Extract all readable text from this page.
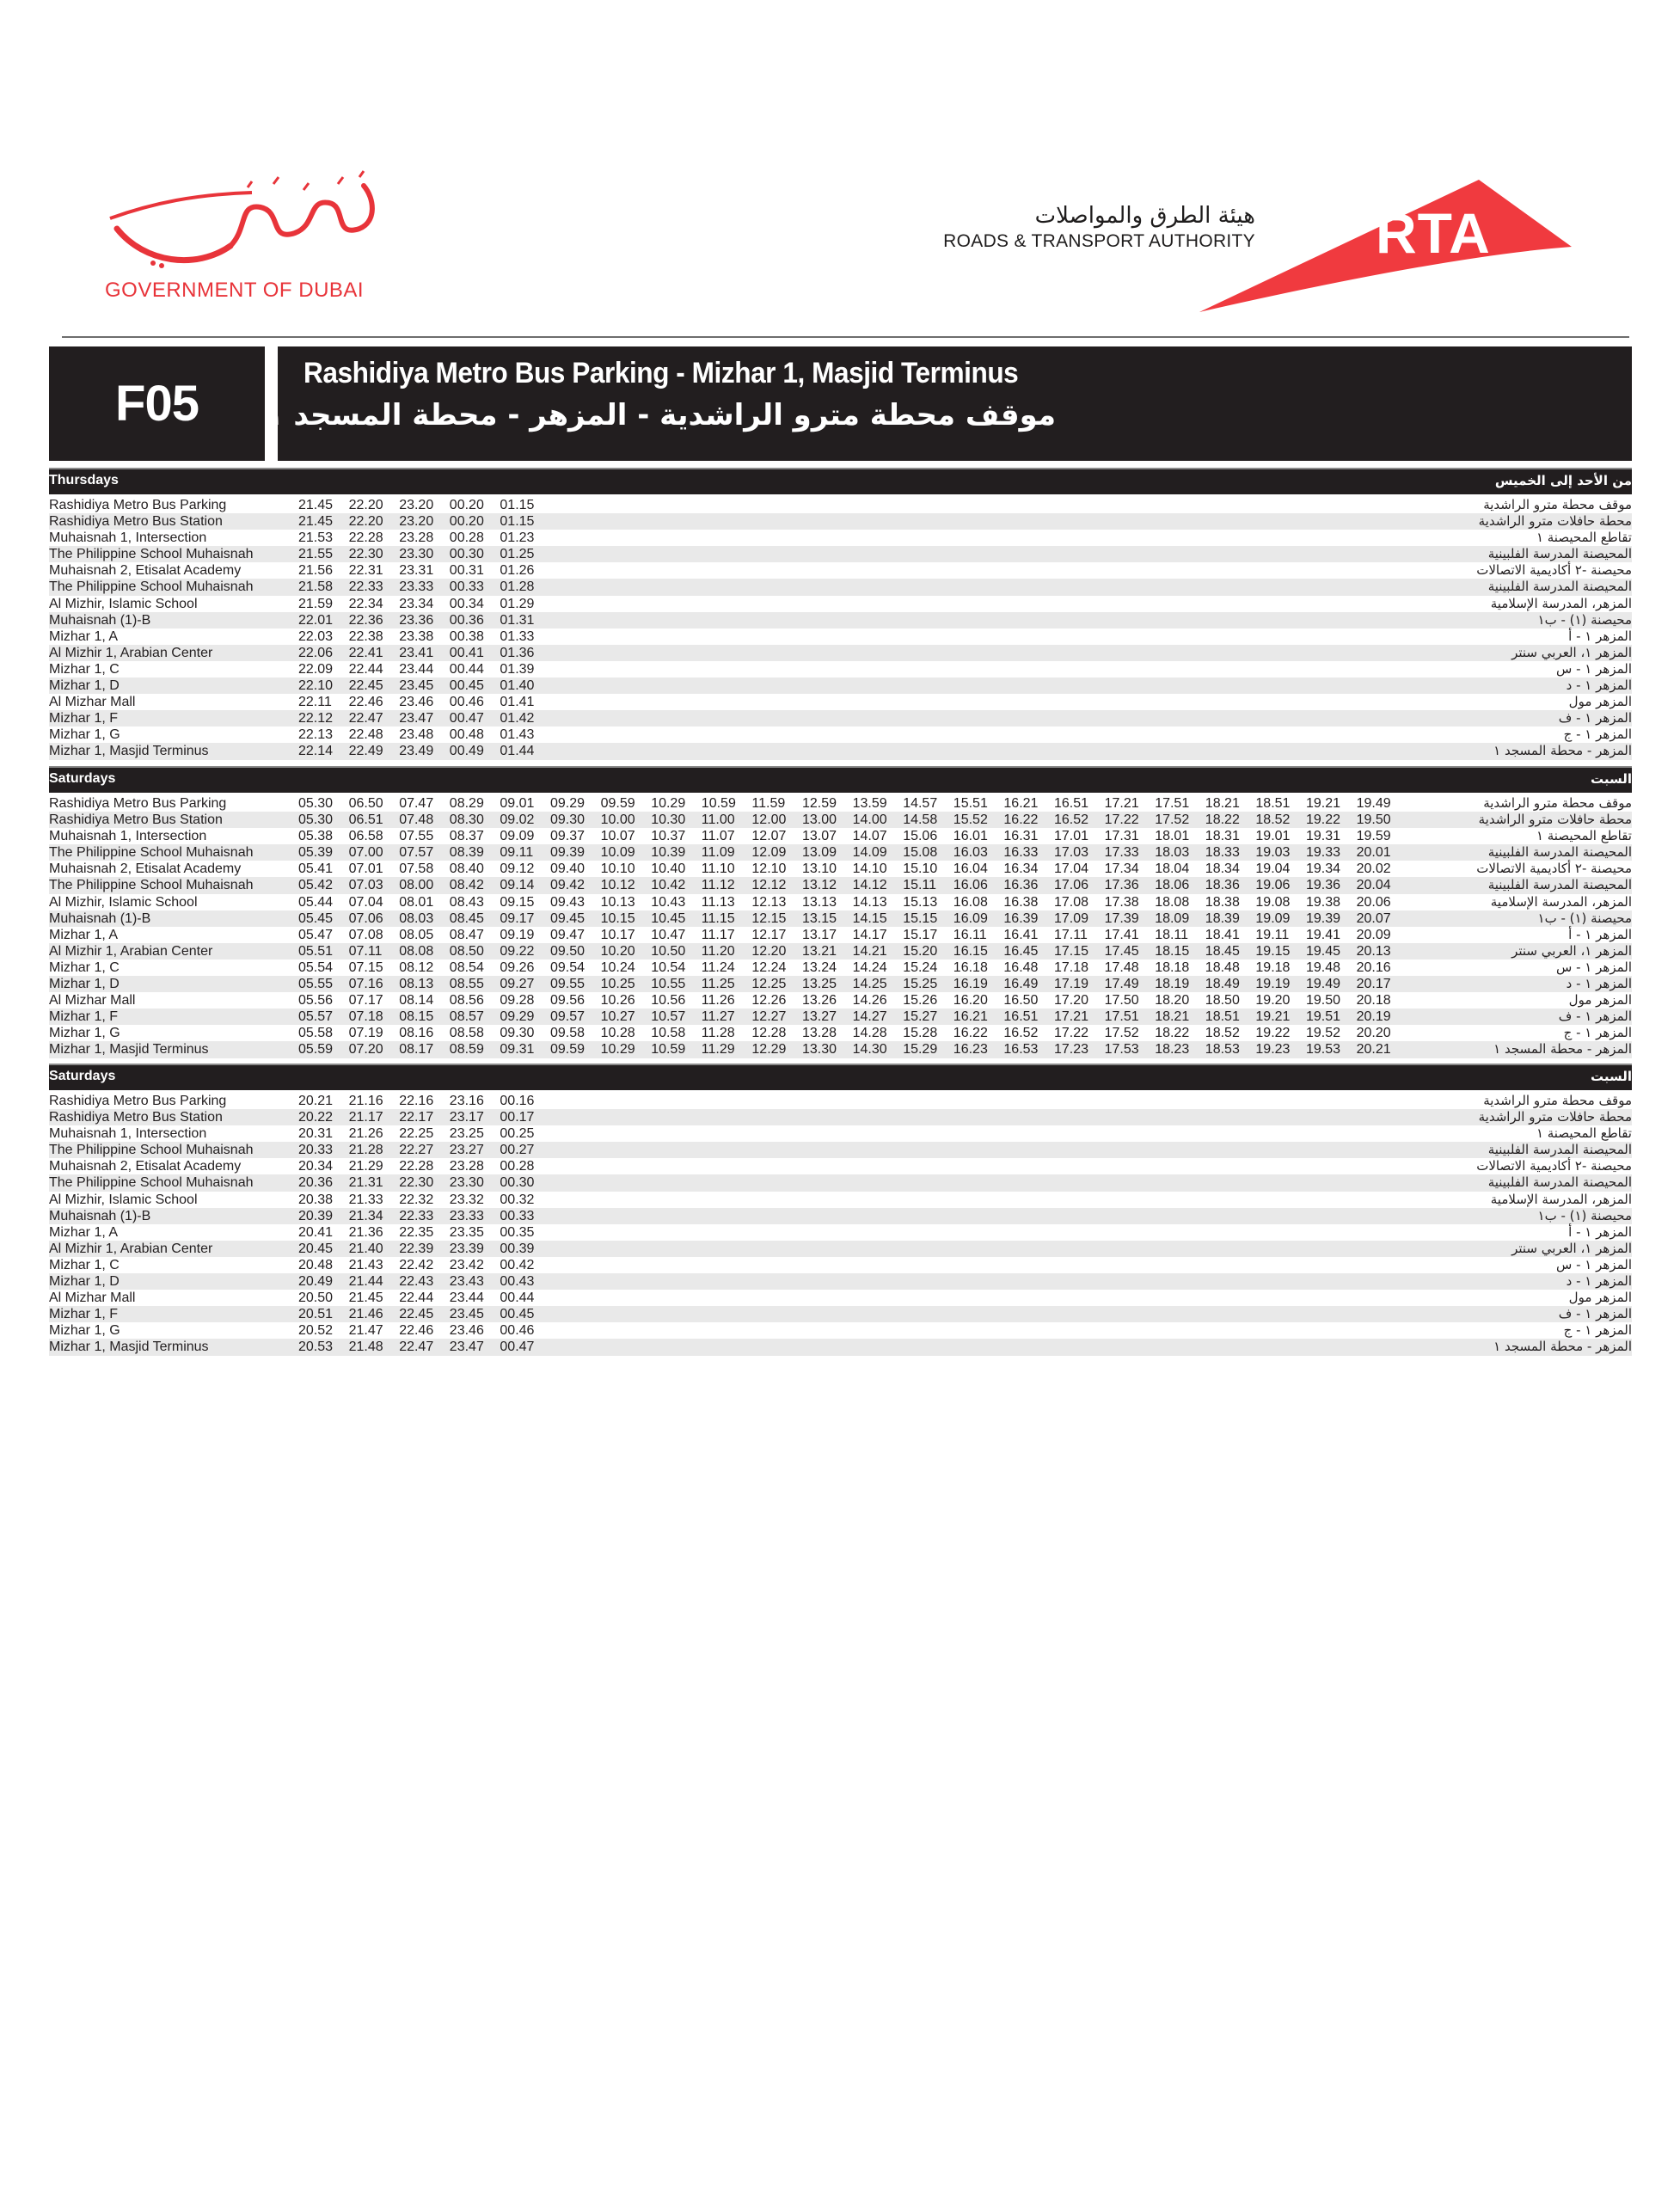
GOVERNMENT OF DUBAI
هيئة الطرق والمواصلات
ROADS & TRANSPORT AUTHORITY RTA
F05
Rashidiya Metro Bus Parking - Mizhar 1, Masjid Terminus
موقف محطة مترو الراشدية - المزهر - محطة المسجد ١
Thursdays	من الأحد إلى الخميس
Rashidiya Metro Bus Parking	21.45 22.20 23.20 00.20 01.15	موقف محطة مترو الراشدية
Rashidiya Metro Bus Station	21.45 22.20 23.20 00.20 01.15	محطة حافلات مترو الراشدية
Muhaisnah 1, Intersection	21.53 22.28 23.28 00.28 01.23	تقاطع المحيصنة ١
The Philippine School Muhaisnah	21.55 22.30 23.30 00.30 01.25	المحيصنة المدرسة الفلبينية
Muhaisnah 2, Etisalat Academy	21.56 22.31 23.31 00.31 01.26	محيصنة -٢ أكاديمية الاتصالات
The Philippine School Muhaisnah	21.58 22.33 23.33 00.33 01.28	المحيصنة المدرسة الفلبينية
Al Mizhir, Islamic School	21.59 22.34 23.34 00.34 01.29	المزهر، المدرسة الإسلامية
Muhaisnah (1)-B	22.01 22.36 23.36 00.36 01.31	محيصنة (١) - ب١
Mizhar 1, A	22.03 22.38 23.38 00.38 01.33	المزهر ١ - أ
Al Mizhir 1, Arabian Center	22.06 22.41 23.41 00.41 01.36	المزهر ١، العربي سنتر
Mizhar 1, C	22.09 22.44 23.44 00.44 01.39	المزهر ١ - س
Mizhar 1, D	22.10 22.45 23.45 00.45 01.40	المزهر ١ - د
Al Mizhar Mall	22.11 22.46 23.46 00.46 01.41	المزهر مول
Mizhar 1, F	22.12 22.47 23.47 00.47 01.42	المزهر ١ - ف
Mizhar 1, G	22.13 22.48 23.48 00.48 01.43	المزهر ١ - ج
Mizhar 1, Masjid Terminus	22.14 22.49 23.49 00.49 01.44	المزهر - محطة المسجد ١
Saturdays	السبت
Rashidiya Metro Bus Parking	05.30 06.50 07.47 08.29 09.01 09.29 09.59 10.29 10.59 11.59 12.59 13.59 14.57 15.51 16.21 16.51 17.21 17.51 18.21 18.51 19.21 19.49	موقف محطة مترو الراشدية
Rashidiya Metro Bus Station	05.30 06.51 07.48 08.30 09.02 09.30 10.00 10.30 11.00 12.00 13.00 14.00 14.58 15.52 16.22 16.52 17.22 17.52 18.22 18.52 19.22 19.50	محطة حافلات مترو الراشدية
Muhaisnah 1, Intersection	05.38 06.58 07.55 08.37 09.09 09.37 10.07 10.37 11.07 12.07 13.07 14.07 15.06 16.01 16.31 17.01 17.31 18.01 18.31 19.01 19.31 19.59	تقاطع المحيصنة ١
The Philippine School Muhaisnah	05.39 07.00 07.57 08.39 09.11 09.39 10.09 10.39 11.09 12.09 13.09 14.09 15.08 16.03 16.33 17.03 17.33 18.03 18.33 19.03 19.33 20.01	المحيصنة المدرسة الفلبينية
Muhaisnah 2, Etisalat Academy	05.41 07.01 07.58 08.40 09.12 09.40 10.10 10.40 11.10 12.10 13.10 14.10 15.10 16.04 16.34 17.04 17.34 18.04 18.34 19.04 19.34 20.02	محيصنة -٢ أكاديمية الاتصالات
The Philippine School Muhaisnah	05.42 07.03 08.00 08.42 09.14 09.42 10.12 10.42 11.12 12.12 13.12 14.12 15.11 16.06 16.36 17.06 17.36 18.06 18.36 19.06 19.36 20.04	المحيصنة المدرسة الفلبينية
Al Mizhir, Islamic School	05.44 07.04 08.01 08.43 09.15 09.43 10.13 10.43 11.13 12.13 13.13 14.13 15.13 16.08 16.38 17.08 17.38 18.08 18.38 19.08 19.38 20.06	المزهر، المدرسة الإسلامية
Muhaisnah (1)-B	05.45 07.06 08.03 08.45 09.17 09.45 10.15 10.45 11.15 12.15 13.15 14.15 15.15 16.09 16.39 17.09 17.39 18.09 18.39 19.09 19.39 20.07	محيصنة (١) - ب١
Mizhar 1, A	05.47 07.08 08.05 08.47 09.19 09.47 10.17 10.47 11.17 12.17 13.17 14.17 15.17 16.11 16.41 17.11 17.41 18.11 18.41 19.11 19.41 20.09	المزهر ١ - أ
Al Mizhir 1, Arabian Center	05.51 07.11 08.08 08.50 09.22 09.50 10.20 10.50 11.20 12.20 13.21 14.21 15.20 16.15 16.45 17.15 17.45 18.15 18.45 19.15 19.45 20.13	المزهر ١، العربي سنتر
Mizhar 1, C	05.54 07.15 08.12 08.54 09.26 09.54 10.24 10.54 11.24 12.24 13.24 14.24 15.24 16.18 16.48 17.18 17.48 18.18 18.48 19.18 19.48 20.16	المزهر ١ - س
Mizhar 1, D	05.55 07.16 08.13 08.55 09.27 09.55 10.25 10.55 11.25 12.25 13.25 14.25 15.25 16.19 16.49 17.19 17.49 18.19 18.49 19.19 19.49 20.17	المزهر ١ - د
Al Mizhar Mall	05.56 07.17 08.14 08.56 09.28 09.56 10.26 10.56 11.26 12.26 13.26 14.26 15.26 16.20 16.50 17.20 17.50 18.20 18.50 19.20 19.50 20.18	المزهر مول
Mizhar 1, F	05.57 07.18 08.15 08.57 09.29 09.57 10.27 10.57 11.27 12.27 13.27 14.27 15.27 16.21 16.51 17.21 17.51 18.21 18.51 19.21 19.51 20.19	المزهر ١ - ف
Mizhar 1, G	05.58 07.19 08.16 08.58 09.30 09.58 10.28 10.58 11.28 12.28 13.28 14.28 15.28 16.22 16.52 17.22 17.52 18.22 18.52 19.22 19.52 20.20	المزهر ١ - ج
Mizhar 1, Masjid Terminus	05.59 07.20 08.17 08.59 09.31 09.59 10.29 10.59 11.29 12.29 13.30 14.30 15.29 16.23 16.53 17.23 17.53 18.23 18.53 19.23 19.53 20.21	المزهر - محطة المسجد ١
Saturdays	السبت
Rashidiya Metro Bus Parking	20.21 21.16 22.16 23.16 00.16	موقف محطة مترو الراشدية
Rashidiya Metro Bus Station	20.22 21.17 22.17 23.17 00.17	محطة حافلات مترو الراشدية
Muhaisnah 1, Intersection	20.31 21.26 22.25 23.25 00.25	تقاطع المحيصنة ١
The Philippine School Muhaisnah	20.33 21.28 22.27 23.27 00.27	المحيصنة المدرسة الفلبينية
Muhaisnah 2, Etisalat Academy	20.34 21.29 22.28 23.28 00.28	محيصنة -٢ أكاديمية الاتصالات
The Philippine School Muhaisnah	20.36 21.31 22.30 23.30 00.30	المحيصنة المدرسة الفلبينية
Al Mizhir, Islamic School	20.38 21.33 22.32 23.32 00.32	المزهر، المدرسة الإسلامية
Muhaisnah (1)-B	20.39 21.34 22.33 23.33 00.33	محيصنة (١) - ب١
Mizhar 1, A	20.41 21.36 22.35 23.35 00.35	المزهر ١ - أ
Al Mizhir 1, Arabian Center	20.45 21.40 22.39 23.39 00.39	المزهر ١، العربي سنتر
Mizhar 1, C	20.48 21.43 22.42 23.42 00.42	المزهر ١ - س
Mizhar 1, D	20.49 21.44 22.43 23.43 00.43	المزهر ١ - د
Al Mizhar Mall	20.50 21.45 22.44 23.44 00.44	المزهر مول
Mizhar 1, F	20.51 21.46 22.45 23.45 00.45	المزهر ١ - ف
Mizhar 1, G	20.52 21.47 22.46 23.46 00.46	المزهر ١ - ج
Mizhar 1, Masjid Terminus	20.53 21.48 22.47 23.47 00.47	المزهر - محطة المسجد ١
